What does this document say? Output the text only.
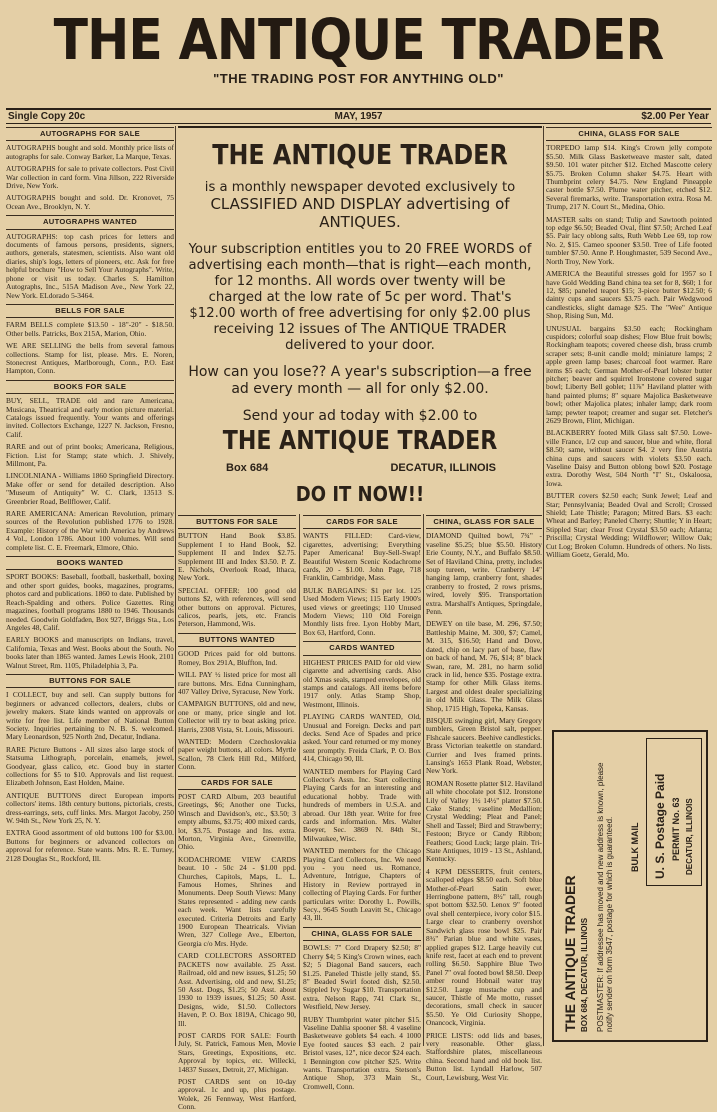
THE ANTIQUE TRADER
"THE TRADING POST FOR ANYTHING OLD"
Single Copy 20c	MAY, 1957	$2.00 Per Year
AUTOGRAPHS FOR SALE
AUTOGRAPHS bought and sold. Monthly price lists of autographs for sale. Conway Barker, La Marque, Texas.
AUTOGRAPHS for sale to private collectors. Post Civil War collection in card form. Vina Jillson, 222 Riverside Drive, New York.
AUTOGRAPHS bought and sold. Dr. Kronovet, 75 Ocean Ave., Brooklyn, N. Y.
AUTOGRAPHS WANTED
AUTOGRAPHS: top cash prices for letters and documents of famous persons, presidents, signers, authors, generals, statesmen, scientists. Also want old diaries, ship's logs, letters of pioneers, etc. Ask for free helpful brochure "How to Sell Your Autographs". Write, phone or visit us today. Charles S. Hamilton Autographs, Inc., 515A Madison Ave., New York 22, New York. ELdorado 5-3464.
BELLS FOR SALE
FARM BELLS complete $13.50 - 18"-20" - $18.50. Other bells. Patricks, Box 215A, Marion, Ohio.
WE ARE SELLING the bells from several famous collections. Stamp for list, please. Mrs. E. Noren, Stonecrest Antiques, Marlborough, Conn., P.O. East Hampton, Conn.
BOOKS FOR SALE
BUY, SELL, TRADE old and rare Americana, Musicana, Theatrical and early motion picture material. Catalogs issued frequently. Your wants and offerings invited. Collectors Exchange, 1227 N. Jackson, Fresno, Calif.
RARE and out of print books; Americana, Religious, Fiction. List for Stamp; state which. J. Shively, Millmont, Pa.
LINCOLNIANA - Williams 1860 Springfield Directory. Make offer or send for detailed description. Also "Museum of Antiquity" W. C. Clark, 13513 S. Greenbrier Road, Bellflower, Calif.
RARE AMERICANA: American Revolution, primary sources of the Revolution published 1776 to 1928. Example: History of the War with America by Andrews 4 Vol., London 1786. About 100 volumes. Will send complete list. C. E. Freemark, Elmore, Ohio.
BOOKS WANTED
SPORT BOOKS: Baseball, football, basketball, boxing and other sport guides, books, magazines, programs, photos card and publications. 1860 to date. Published by Reach-Spalding and others. Police Gazettes. Ring magazines, football programs 1880 to 1946. Thousands needed. Goodwin Goldfaden, Box 927, Briggs Sta., Los Angeles 48, Calif.
EARLY BOOKS and manuscripts on Indians, travel, California, Texas and West. Books about the South. No books later than 1865 wanted. James Lewis Hook, 2101 Walnut Street, Rm. 1105, Philadelphia 3, Pa.
BUTTONS FOR SALE
I COLLECT, buy and sell. Can supply buttons for beginners or advanced collectors, dealers, clubs or jewelry makers. State kinds wanted on approvals or write for free list. Life member of National Button Society. Inquiries pertaining to N. B. S. welcomed. Mary Leonardson, 925 North 2nd, Decatur, Indiana.
RARE Picture Buttons - All sizes also large stock of Statsuma Lithograph, porcelain, enamels, jewel, Goodyear, glass calico, etc. Good buy in starter collections for $5 to $10. Approvals and list request. Elizabeth Johnson, East Holden, Maine.
ANTIQUE BUTTONS direct European imports collectors' items. 18th century buttons, pictorials, crests, dress-earrings, sets, cuff links. Mrs. Margot Jacoby, 250 W. 94th St., New York 25, N. Y.
EXTRA Good assortment of old buttons 100 for $3.00. Buttons for beginners or advanced collectors on approval for reference. State wants. Mrs. R. E. Turney, 2128 Douglas St., Rockford, Ill.
THE ANTIQUE TRADER
is a monthly newspaper devoted exclusively to CLASSIFIED AND DISPLAY advertising of ANTIQUES.
Your subscription entitles you to 20 FREE WORDS of advertising each month—that is right—each month, for 12 months. All words over twenty will be charged at the low rate of 5c per word. That's $12.00 worth of free advertising for only $2.00 plus receiving 12 issues of The ANTIQUE TRADER delivered to your door.
How can you lose?? A year's subscription—a free ad every month — all for only $2.00.
Send your ad today with $2.00 to
THE ANTIQUE TRADER
Box 684	DECATUR, ILLINOIS
DO IT NOW!!
BUTTONS FOR SALE
BUTTON Hand Book $3.85. Supplement I to Hand Book, $2. Supplement II and Index $2.75. Supplement III and Index $3.50. P. Z. E. Nichols, Overlook Road, Ithaca, New York.
SPECIAL OFFER: 100 good old buttons $2, with references, will send other buttons on approval. Pictures, calicos, pearls, jets, etc. Francis Peterson, Hammond, Wis.
BUTTONS WANTED
GOOD Prices paid for old buttons. Romey, Box 291A, Bluffton, Ind.
WILL PAY ½ listed price for most all rare buttons. Mrs. Edna Cunningham, 407 Valley Drive, Syracuse, New York.
CAMPAIGN BUTTONS, old and new, one or many, price single and lot. Collector will try to beat asking price. Harris, 2308 Vista, St. Louis, Missouri.
WANTED: Modern Czechoslovakia paper weight buttons, all colors. Myrtle Scallon, 78 Clerk Hill Rd., Milford, Conn.
CARDS FOR SALE
POST CARD Album, 203 beautiful Greetings, $6; Another one Tucks, Winsch and Davidson's, etc., $3.50; 3 empty albums, $3.75; 400 mixed cards, lot, $3.75. Postage and Ins. extra. Morton, Virginia Ave., Greenville, Ohio.
KODACHROME VIEW CARDS beaut. 10 - 50c 24 - $1.00 ppd. Churches, Capitols, Maps, L. L. Famous Homes, Shrines and Monuments. Deep South Views: Many States represented - adding new cards each week. Want lists carefully executed. Criteria Detroits and Early 1900 European Theatricals. Vivian Wren, 327 College Ave., Elberton, Georgia c/o Mrs. Hyde.
CARD COLLECTORS ASSORTED PACKETS now available. 25 Asst. Railroad, old and new issues, $1.25; 50 Asst. Advertising, old and new, $1.25; 50 Asst. Dogs, $1.25; 50 Asst. about 1930 to 1939 issues, $1.25; 50 Asst. Designs, wide, $1.50. Collectors Haven, P. O. Box 1819A, Chicago 90, Ill.
POST CARDS FOR SALE: Fourth July, St. Patrick, Famous Men, Movie Stars, Greetings, Expositions, etc. Approval by topics, etc. Willecki, 14837 Sussex, Detroit, 27, Michigan.
POST CARDS sent on 10-day approval. 1c and up, plus postage. Wolek, 26 Fennway, West Hartford, Conn.
CARDS FOR SALE
WANTS FILLED: Card-view, cigarettes, advertising; Everything Paper Americana! Buy-Sell-Swap! Beautiful Western Scenic Kodachrome cards, 20 - $1.00. John Page, 718 Franklin, Cambridge, Mass.
BULK BARGAINS: $1 per lot. 125 Used Modern Views; 115 Early 1900's used views or greetings; 110 Unused Modern Views; 110 Old Foreign Monthly lists free. Lyon Hobby Mart, Box 63, Hartford, Conn.
CARDS WANTED
HIGHEST PRICES PAID for old view cigarette and advertising cards. Also old Xmas seals, stamped envelopes, old stamps and catalogs. All items before 1917 only. Atlas Stamp Shop, Westmont, Illinois.
PLAYING CARDS WANTED, Old, Unusual and Foreign. Decks and part decks. Send Ace of Spades and price asked. Your card returned or my money sent promptly. Freida Clark, P. O. Box 414, Chicago 90, Ill.
WANTED members for Playing Card Collector's Assn. Inc. Start collecting Playing Cards for an interesting and educational hobby. Trade with hundreds of members in U.S.A. and abroad. Our 18th year. Write for free cards and information. Mrs. Walter Boeyer, Sec. 3869 N. 84th St., Milwaukee, Wisc.
WANTED members for the Chicago Playing Card Collectors, Inc. We need you - you need us. Romance, Adventure, Intrigue, Chapters of History in Review portrayed in collecting of Playing Cards. For further particulars write: Dorothy L. Powills, Secy., 9645 South Leavitt St., Chicago 43, Ill.
CHINA, GLASS FOR SALE
BOWLS: 7" Cord Drapery $2.50; 8" Cherry $4; 5 King's Crown wines, each $2; 5 Diagonal Band saucers, each $1.25. Paneled Thistle jelly stand, $5. 8" Beaded Swirl footed dish, $2.50. Stippled Ivy Sugar $10. Transportation extra. Nelson Rapp, 741 Clark St., Westfield, New Jersey.
RUBY Thumbprint water pitcher $15. Vaseline Dahlia spooner $8. 4 vaseline Basketweave goblets $4 each. 4 1000 Eye footed sauces $3 each. 2 pair Bristol vases, 12", nice decor $24 each. 1 Bennington cow pitcher $25. Write wants. Transportation extra. Stetson's Antique Shop, 373 Main St., Cromwell, Conn.
CHINA, GLASS FOR SALE
DIAMOND Quilted bowl, 7¾" - vaseline $5.25; blue $5.50. History Erie County, N.Y., and Buffalo $8.50. Set of Haviland China, pretty, includes soup tureen, write. Cranberry 14" hanging lamp, cranberry font, shades cranberry to frosted, 2 rows prisms, wired, lovely $95. Transportation extra. Marshall's Antiques, Springdale, Penn.
DEWEY on tile base, M. 296, $7.50; Battleship Maine, M. 300, $7; Camel, M. 315, $16.50; Hand and Dove, dated, chip on lacy part of base, flaw on back of hand, M. 76, $14; 8" black Swan, rare, M. 281, no harm solid crack in lid, hence $35. Postage extra. Stamp for other Milk Glass items. Largest and oldest dealer specializing in old Milk Glass. The Milk Glass Shop, 1715 High, Topeka, Kansas.
BISQUE swinging girl, Mary Gregory tumblers, Green Bristol salt, pepper. Flshcale saucers. Beehive candlesticks. Brass Victorian teakettle on standard. Currier and Ives framed prints. Lansing's 1653 Plank Road, Webster, New York.
ROMAN Rosette platter $12. Haviland all white chocolate pot $12. Ironstone Lily of Valley 1½ 14½" platter $7.50. Cake Stands; vaseline Medallion; Crystal Wedding; Pleat and Panel; Shell and Tassel; Bird and Strawberry; Festoon; Bryce or Candy Ribbon; Feathers; Good Luck; large plain. Tri-State Antiques, 1019 - 13 St., Ashland, Kentucky.
4 KPM DESSERTS, fruit centers, scalloped edges $8.50 each. Soft blue Mother-of-Pearl Satin ewer, Herringbone pattern, 8½" tall, rough spot bottom $32.50. Lenox 9" footed oval shell centerpiece, ivory color $15. Large clear to cranberry overshot Sandwich glass rose bowl $25. Pair 8¾" Parian blue and white vases, applied grapes $12. Large heavily cut knife rest, facet at each end to prevent rolling $6.50. Sapphire Blue Two Panel 7" oval footed bowl $8.50. Deep amber round Hobnail water tray $12.50. Large mustache cup and saucer, Thistle of Me motto, russet decorations, small check in saucer $5.50. Ye Old Curiosity Shoppe, Onancock, Virginia.
PRICE LISTS: odd lids and bases, very reasonable. Other glass, Staffordshire plates, miscellaneous china. Second hand and old book list. Button list. Lyndall Harlow, 507 Court, Lewisburg, West Vir.
CHINA, GLASS FOR SALE
TORPEDO lamp $14. King's Crown jelly compote $5.50. Milk Glass Basketweave master salt, dated $9.50. 101 water pitcher $12. Etched Mascotte celery $5.75. Broken Column shaker $4.75. Heart with Thumbprint celery $4.75. New England Pineapple caster bottle $7.50. Plume water pitcher, etched $12. Several firemarks, write. Transportation extra. Rosa M. Trump, 217 N. Court St., Medina, Ohio.
MASTER salts on stand; Tulip and Sawtooth pointed top edge $6.50; Beaded Oval, flint $7.50; Arched Leaf $5. Pair lacy oblong salts, Ruth Webb Lee 69, top row No. 2, $15. Cameo spooner $3.50. Tree of Life footed tumbler $7.50. Anne P. Houghmaster, 539 Second Ave., North Troy, New York.
AMERICA the Beautiful stresses gold for 1957 so I have Gold Wedding Band china tea set for 8, $60; 1 for 12, $85; paneled teapot $15; 3-piece butter $12.50; 6 dainty cups and saucers $3.75 each. Pair Wedgwood candlesticks, slight damage $25. The "Wee" Antique Shop, Rising Sun, Md.
UNUSUAL bargains $3.50 each; Rockingham cuspidors; colorful soap dishes; Flow Blue fruit bowls; Rockingham teapots; covered cheese dish, brass crumb scraper sets; 8-unit candle mold; miniature lamps; 2 apple green lamp bases; charcoal foot warmer. Rare items $5 each; German Mother-of-Pearl lobster butter pitcher; beaver and squirrel Ironstone covered sugar bowl; Liberty Bell goblet; 11⅞" Haviland platter with hand painted plums; 8" square Majolica Basketweave bowl; other Majolica plates; inhaler lamp; dark room lamp; pewter teapot; creamer and sugar set. Fletcher's 2629 Brown, Flint, Michigan.
BLACKBERRY footed Milk Glass salt $7.50. Lowe-ville France, 1/2 cup and saucer, blue and white, floral $8.50; same, without saucer $4. 2 very fine Austria china cups and saucers with violets $3.50 each. Vaseline Daisy and Button oblong bowl $20. Postage extra. Dorothy West, 504 North "I" St., Oskaloosa, Iowa.
BUTTER covers $2.50 each; Sunk Jewel; Leaf and Star; Pennsylvania; Beaded Oval and Scroll; Crossed Shield; Late Thistle; Paragon; Mitred Bars. $3 each: Wheat and Barley; Paneled Cherry; Shuttle; Y in Heart; Stippled Star; clear Frost Crystal $3.50 each; Atlanta; Priscilla; Crystal Wedding; Wildflower; Willow Oak; Cut Log; Broken Column. Hundreds of others. No lists. William Goetz, Gerald, Mo.
THE ANTIQUE TRADER BOX 684, DECATUR, ILLINOIS POSTMASTER: If addressee has moved and new address is known, please notify sender on form 3547, postage for which is guaranteed. BULK MAIL U. S. Postage Paid PERMIT No. 63 DECATUR, ILLINOIS
